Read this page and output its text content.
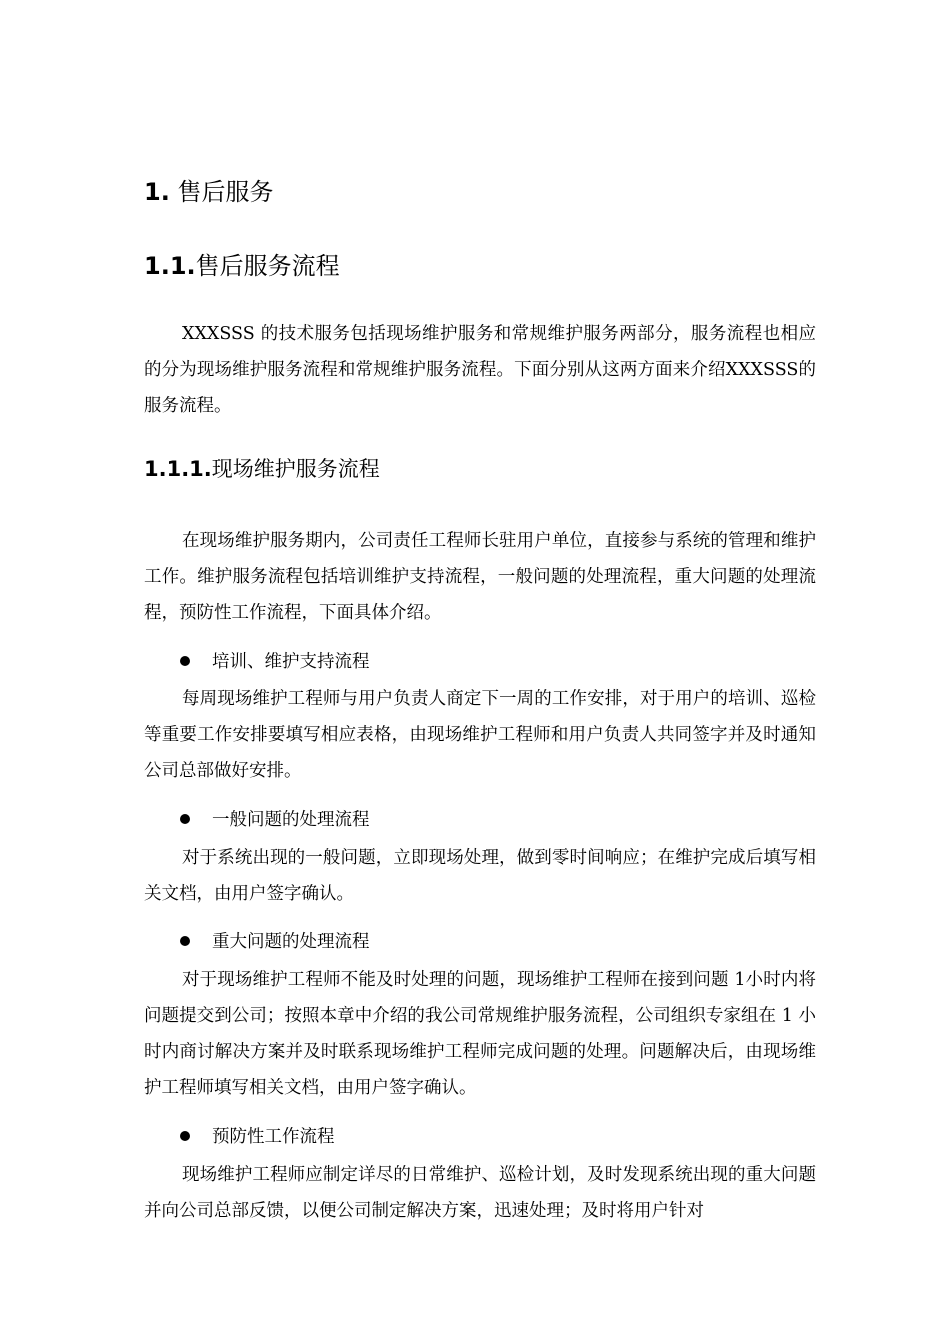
1. 售后服务
1.1.售后服务流程

XXXSSS 的技术服务包括现场维护服务和常规维护服务两部分，服务流程也相应的分为现场维护服务流程和常规维护服务流程。下面分别从这两方面来介绍XXXSSS的服务流程。

1.1.1.现场维护服务流程

在现场维护服务期内，公司责任工程师长驻用户单位，直接参与系统的管理和维护工作。维护服务流程包括培训维护支持流程，一般问题的处理流程，重大问题的处理流程，预防性工作流程，下面具体介绍。

培训、维护支持流程

每周现场维护工程师与用户负责人商定下一周的工作安排，对于用户的培训、巡检等重要工作安排要填写相应表格，由现场维护工程师和用户负责人共同签字并及时通知公司总部做好安排。

一般问题的处理流程

对于系统出现的一般问题，立即现场处理，做到零时间响应；在维护完成后填写相关文档，由用户签字确认。

重大问题的处理流程

对于现场维护工程师不能及时处理的问题，现场维护工程师在接到问题 1小时内将问题提交到公司；按照本章中介绍的我公司常规维护服务流程，公司组织专家组在 1 小时内商讨解决方案并及时联系现场维护工程师完成问题的处理。问题解决后，由现场维护工程师填写相关文档，由用户签字确认。

预防性工作流程

现场维护工程师应制定详尽的日常维护、巡检计划，及时发现系统出现的重大问题并向公司总部反馈，以便公司制定解决方案，迅速处理；及时将用户针对
